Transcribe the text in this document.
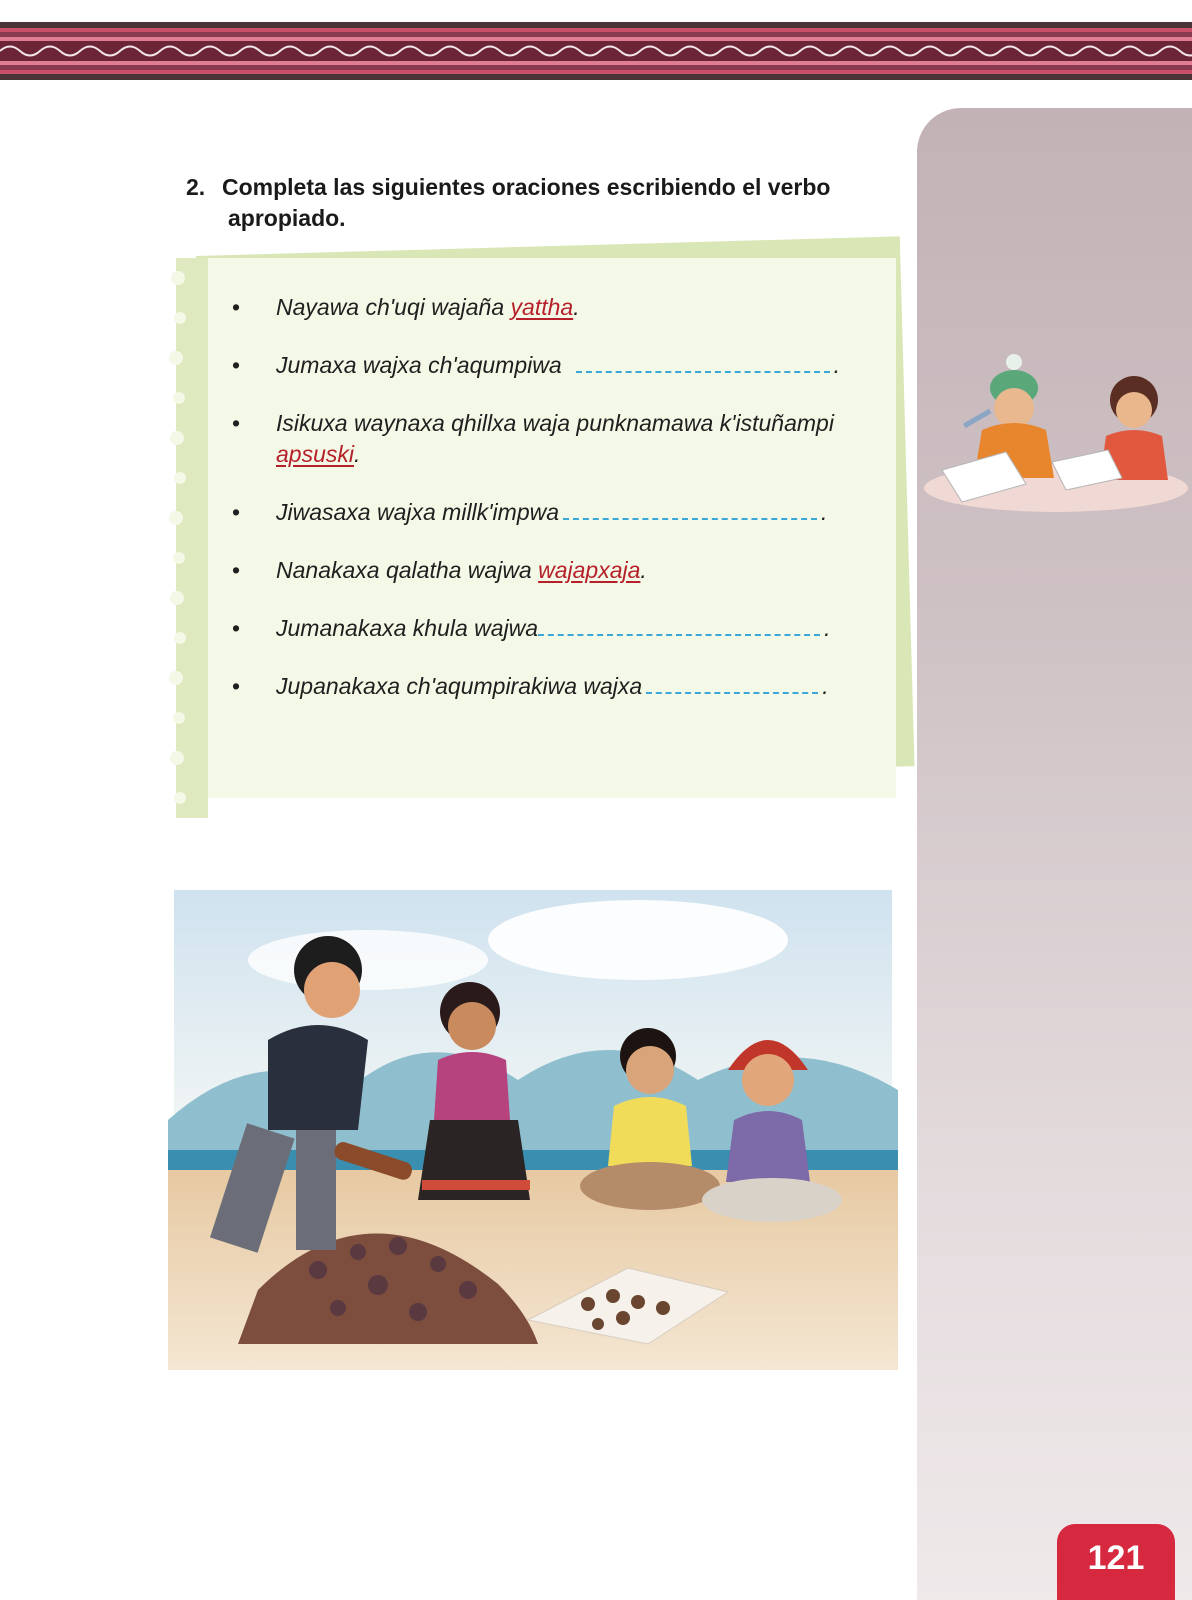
2. Completa las siguientes oraciones escribiendo el verbo
apropiado.
• Nayawa ch'uqi wajaña yattha.
• Jumaxa wajxa ch'aqumpiwa	.
• Isikuxa waynaxa qhillxa waja punknamawa k'istuñampi apsuski.
• Jiwasaxa wajxa millk'impwa	.
• Nanakaxa qalatha wajwa wajapxaja.
• Jumanakaxa khula wajwa	.
• Jupanakaxa ch'aqumpirakiwa wajxa	.
121
